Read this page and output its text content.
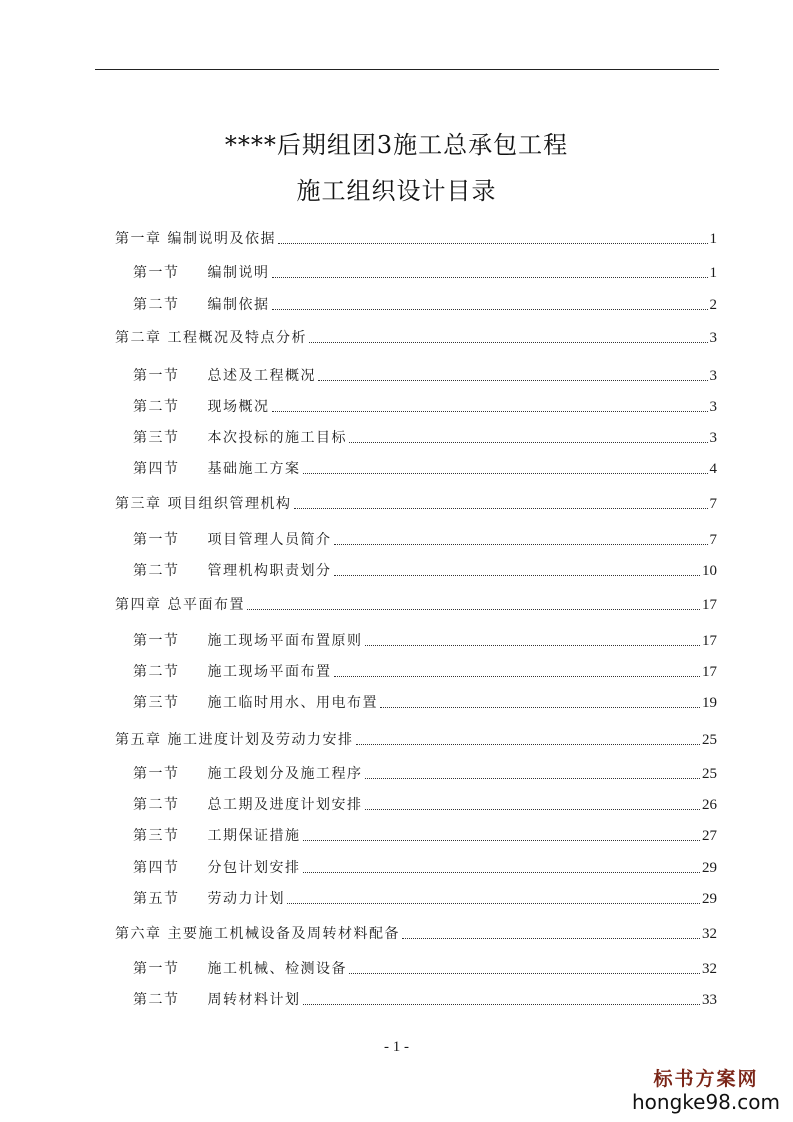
****后期组团3施工总承包工程
施工组织设计目录
第一章 编制说明及依据	1
第一节 编制说明	1
第二节 编制依据	2
第二章 工程概况及特点分析	3
第一节 总述及工程概况	3
第二节 现场概况	3
第三节 本次投标的施工目标	3
第四节 基础施工方案	4
第三章 项目组织管理机构	7
第一节 项目管理人员简介	7
第二节 管理机构职责划分	10
第四章 总平面布置	17
第一节 施工现场平面布置原则	17
第二节 施工现场平面布置	17
第三节 施工临时用水、用电布置	19
第五章 施工进度计划及劳动力安排	25
第一节 施工段划分及施工程序	25
第二节 总工期及进度计划安排	26
第三节 工期保证措施	27
第四节 分包计划安排	29
第五节 劳动力计划	29
第六章 主要施工机械设备及周转材料配备	32
第一节 施工机械、检测设备	32
第二节 周转材料计划	33
- 1 -
标书方案网
hongke98.com
